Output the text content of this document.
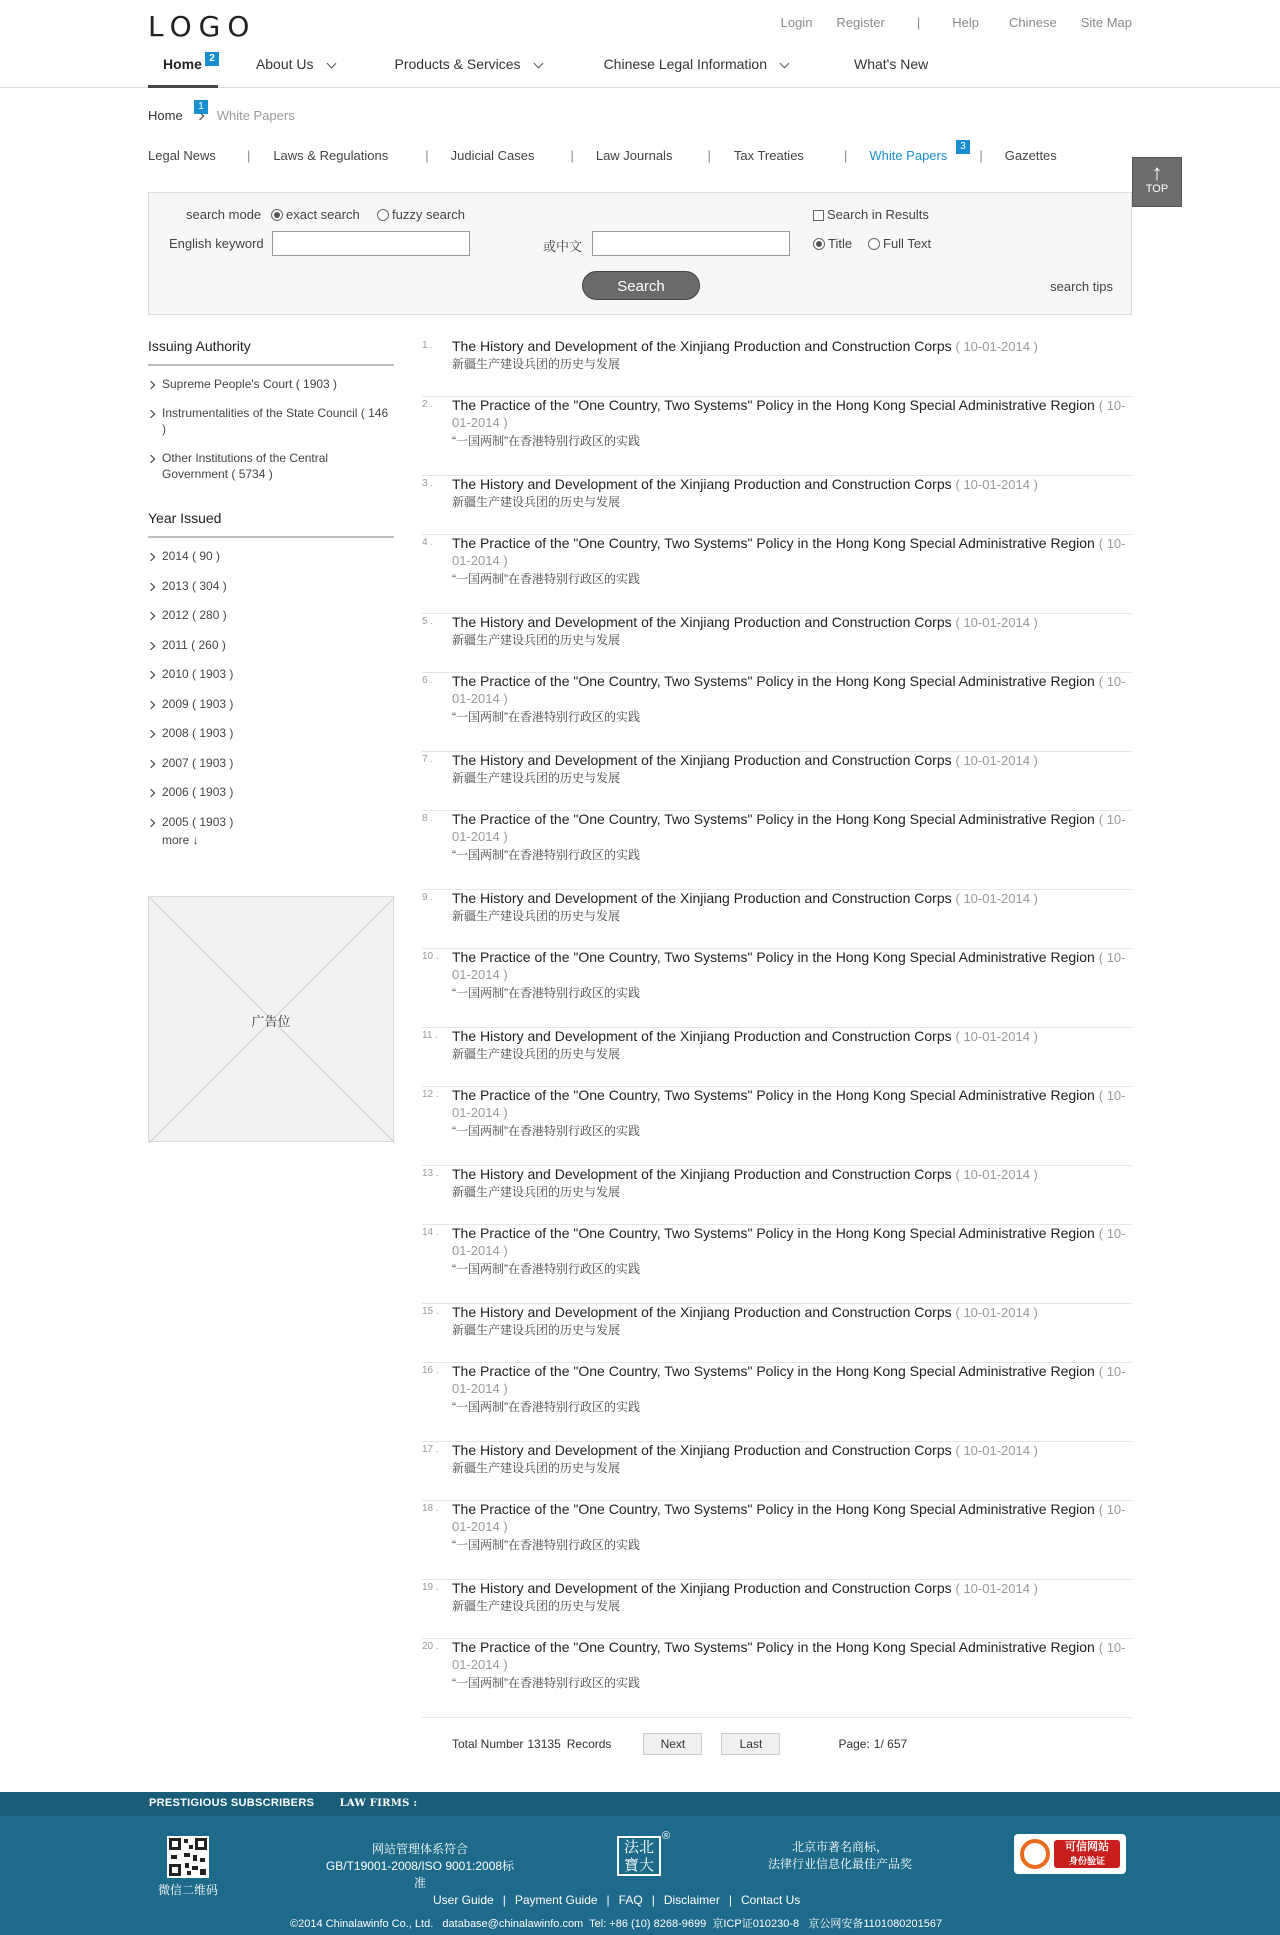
LOGO	Login Register | Help Chinese Site Map
Home 2	About Us	Products & Services	Chinese Legal Information	What's New
Home
1
White Papers
Legal News | Laws & Regulations	| Judicial Cases	| Law Journals	| Tax Treaties	| White Papers
3
| Gazettes
↑
TOP
search mode	exact search	fuzzy search	Search in Results
English keyword	或中文	Title	Full Text
Search	search tips
Issuing Authority
Supreme People's Court ( 1903 )
Instrumentalities of the State Council ( 146 )
Other Institutions of the Central Government ( 5734 )
Year Issued
2014 ( 90 )
2013 ( 304 )
2012 ( 280 )
2011 ( 260 )
2010 ( 1903 )
2009 ( 1903 )
2008 ( 1903 )
2007 ( 1903 )
2006 ( 1903 )
2005 ( 1903 )
more ↓
广告位
1 .	The History and Development of the Xinjiang Production and Construction Corps ( 10-01-2014 )
新疆生产建设兵团的历史与发展
2 .	The Practice of the "One Country, Two Systems" Policy in the Hong Kong Special Administrative Region ( 10-01-2014 )
“一国两制”在香港特别行政区的实践
3 .	The History and Development of the Xinjiang Production and Construction Corps ( 10-01-2014 )
新疆生产建设兵团的历史与发展
4 .	The Practice of the "One Country, Two Systems" Policy in the Hong Kong Special Administrative Region ( 10-01-2014 )
“一国两制”在香港特别行政区的实践
5 .	The History and Development of the Xinjiang Production and Construction Corps ( 10-01-2014 )
新疆生产建设兵团的历史与发展
6 .	The Practice of the "One Country, Two Systems" Policy in the Hong Kong Special Administrative Region ( 10-01-2014 )
“一国两制”在香港特别行政区的实践
7 .	The History and Development of the Xinjiang Production and Construction Corps ( 10-01-2014 )
新疆生产建设兵团的历史与发展
8 .	The Practice of the "One Country, Two Systems" Policy in the Hong Kong Special Administrative Region ( 10-01-2014 )
“一国两制”在香港特别行政区的实践
9 .	The History and Development of the Xinjiang Production and Construction Corps ( 10-01-2014 )
新疆生产建设兵团的历史与发展
10 . The Practice of the "One Country, Two Systems" Policy in the Hong Kong Special Administrative Region ( 10-01-2014 )
“一国两制”在香港特别行政区的实践
11 .	The History and Development of the Xinjiang Production and Construction Corps ( 10-01-2014 )
新疆生产建设兵团的历史与发展
12 . The Practice of the "One Country, Two Systems" Policy in the Hong Kong Special Administrative Region ( 10-01-2014 )
“一国两制”在香港特别行政区的实践
13 . The History and Development of the Xinjiang Production and Construction Corps ( 10-01-2014 )
新疆生产建设兵团的历史与发展
14 . The Practice of the "One Country, Two Systems" Policy in the Hong Kong Special Administrative Region ( 10-01-2014 )
“一国两制”在香港特别行政区的实践
15 . The History and Development of the Xinjiang Production and Construction Corps ( 10-01-2014 )
新疆生产建设兵团的历史与发展
16 . The Practice of the "One Country, Two Systems" Policy in the Hong Kong Special Administrative Region ( 10-01-2014 )
“一国两制”在香港特别行政区的实践
17 . The History and Development of the Xinjiang Production and Construction Corps ( 10-01-2014 )
新疆生产建设兵团的历史与发展
18 . The Practice of the "One Country, Two Systems" Policy in the Hong Kong Special Administrative Region ( 10-01-2014 )
“一国两制”在香港特别行政区的实践
19 . The History and Development of the Xinjiang Production and Construction Corps ( 10-01-2014 )
新疆生产建设兵团的历史与发展
20 . The Practice of the "One Country, Two Systems" Policy in the Hong Kong Special Administrative Region ( 10-01-2014 )
“一国两制”在香港特别行政区的实践
Total Number 13135 Records	Next	Last	Page: 1/ 657
PRESTIGIOUS SUBSCRIBERS	LAW FIRMS :
微信二维码
网站管理体系符合
GB/T19001-2008/ISO 9001:2008标准
法北
寶大
®
北京市著名商标，
法律行业信息化最佳产品奖
可信网站
身份验证
User Guide | Payment Guide | FAQ | Disclaimer | Contact Us
©2014 Chinalawinfo Co., Ltd.   database@chinalawinfo.com  Tel: +86 (10) 8268-9699  京ICP证010230-8   京公网安备1101080201567
